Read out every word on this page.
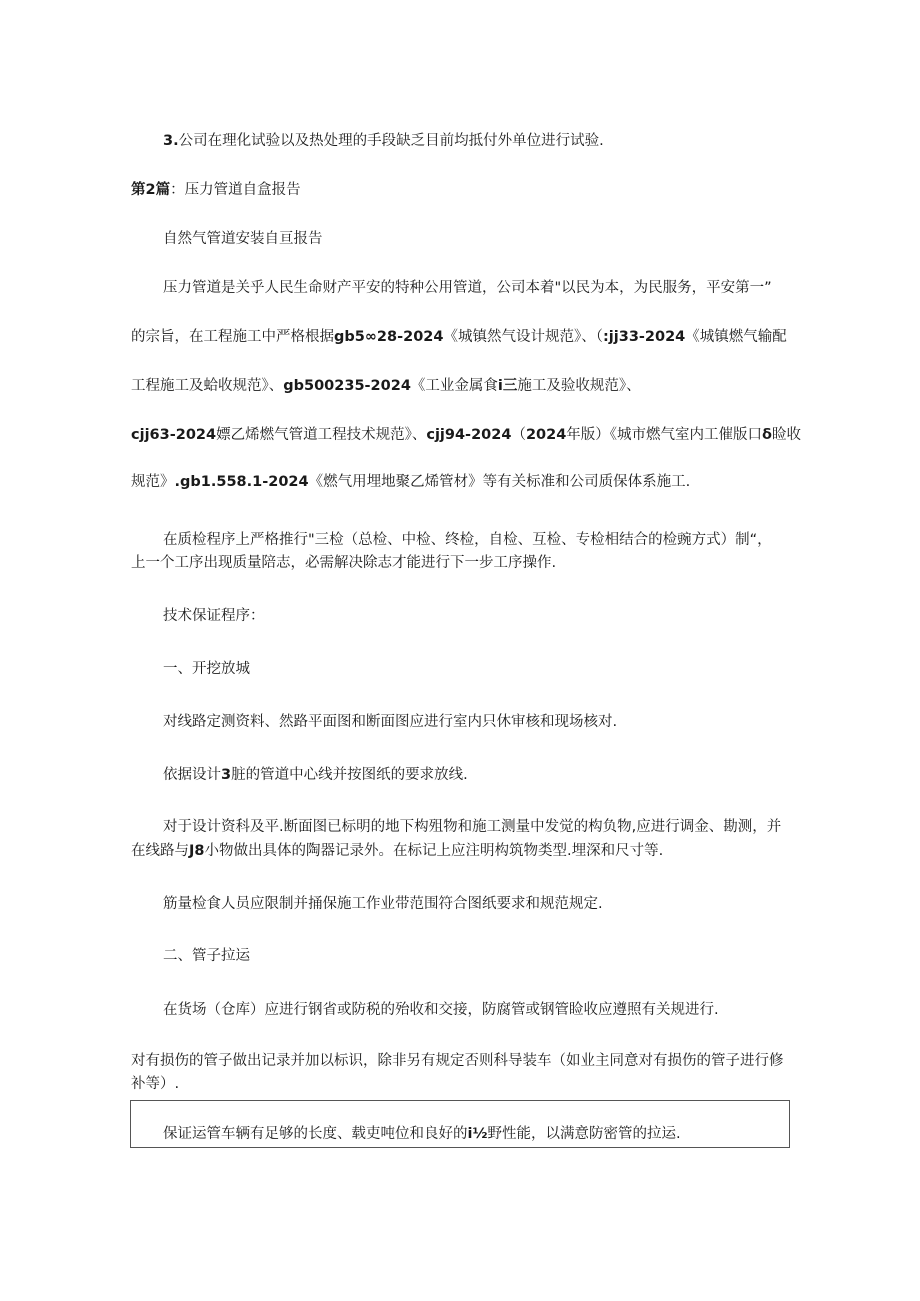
3.公司在理化试验以及热处理的手段缺乏目前均抵付外单位进行试验.
第2篇：压力管道自盒报告
自然气管道安装自亘报告
压力管道是关乎人民生命财产平安的特种公用管道，公司本着"以民为本，为民服务，平安第一”
的宗旨，在工程施工中严格根据gb5∞28-2024《城镇然气设计规范》、（:jj33-2024《城镇燃气输配
工程施工及蛤收规范》、gb500235-2024《工业金属食i三施工及验收规范》、
cjj63-2024嫖乙烯燃气管道工程技术规范》、cjj94-2024（2024年版）《城市燃气室内工催版口δ睑收
规范》.gb1.558.1-2024《燃气用埋地聚乙烯管材》等有关标准和公司质保体系施工.
在质检程序上严格推行"三检（总检、中检、终检，自检、互检、专检相结合的检豌方式）制“，
上一个工序出现质量陪志，必需解决除志才能进行下一步工序操作.
技术保证程序：
一、开挖放城
对线路定测资料、然路平面图和断面图应进行室内只休审核和现场核对.
依据设计3脏的管道中心线并按图纸的要求放线.
对于设计资科及平.断面图已标明的地下构殂物和施工测量中发觉的构负物,应进行调金、勘测，并
在线路与J8小物做出具体的陶器记录外。在标记上应注明构筑物类型.埋深和尺寸等.
筋量检食人员应限制并捅保施工作业带范围符合图纸要求和规范规定.
二、管子拉运
在货场（仓库）应进行钢省或防税的殆收和交接，防腐管或钢管睑收应遵照有关规进行.
对有损伤的管子做出记录并加以标识，除非另有规定否则科导装车（如业主同意对有损伤的管子进行修
补等）.
保证运管车辆有足够的长度、载吏吨位和良好的i½野性能，以满意防密管的拉运.
